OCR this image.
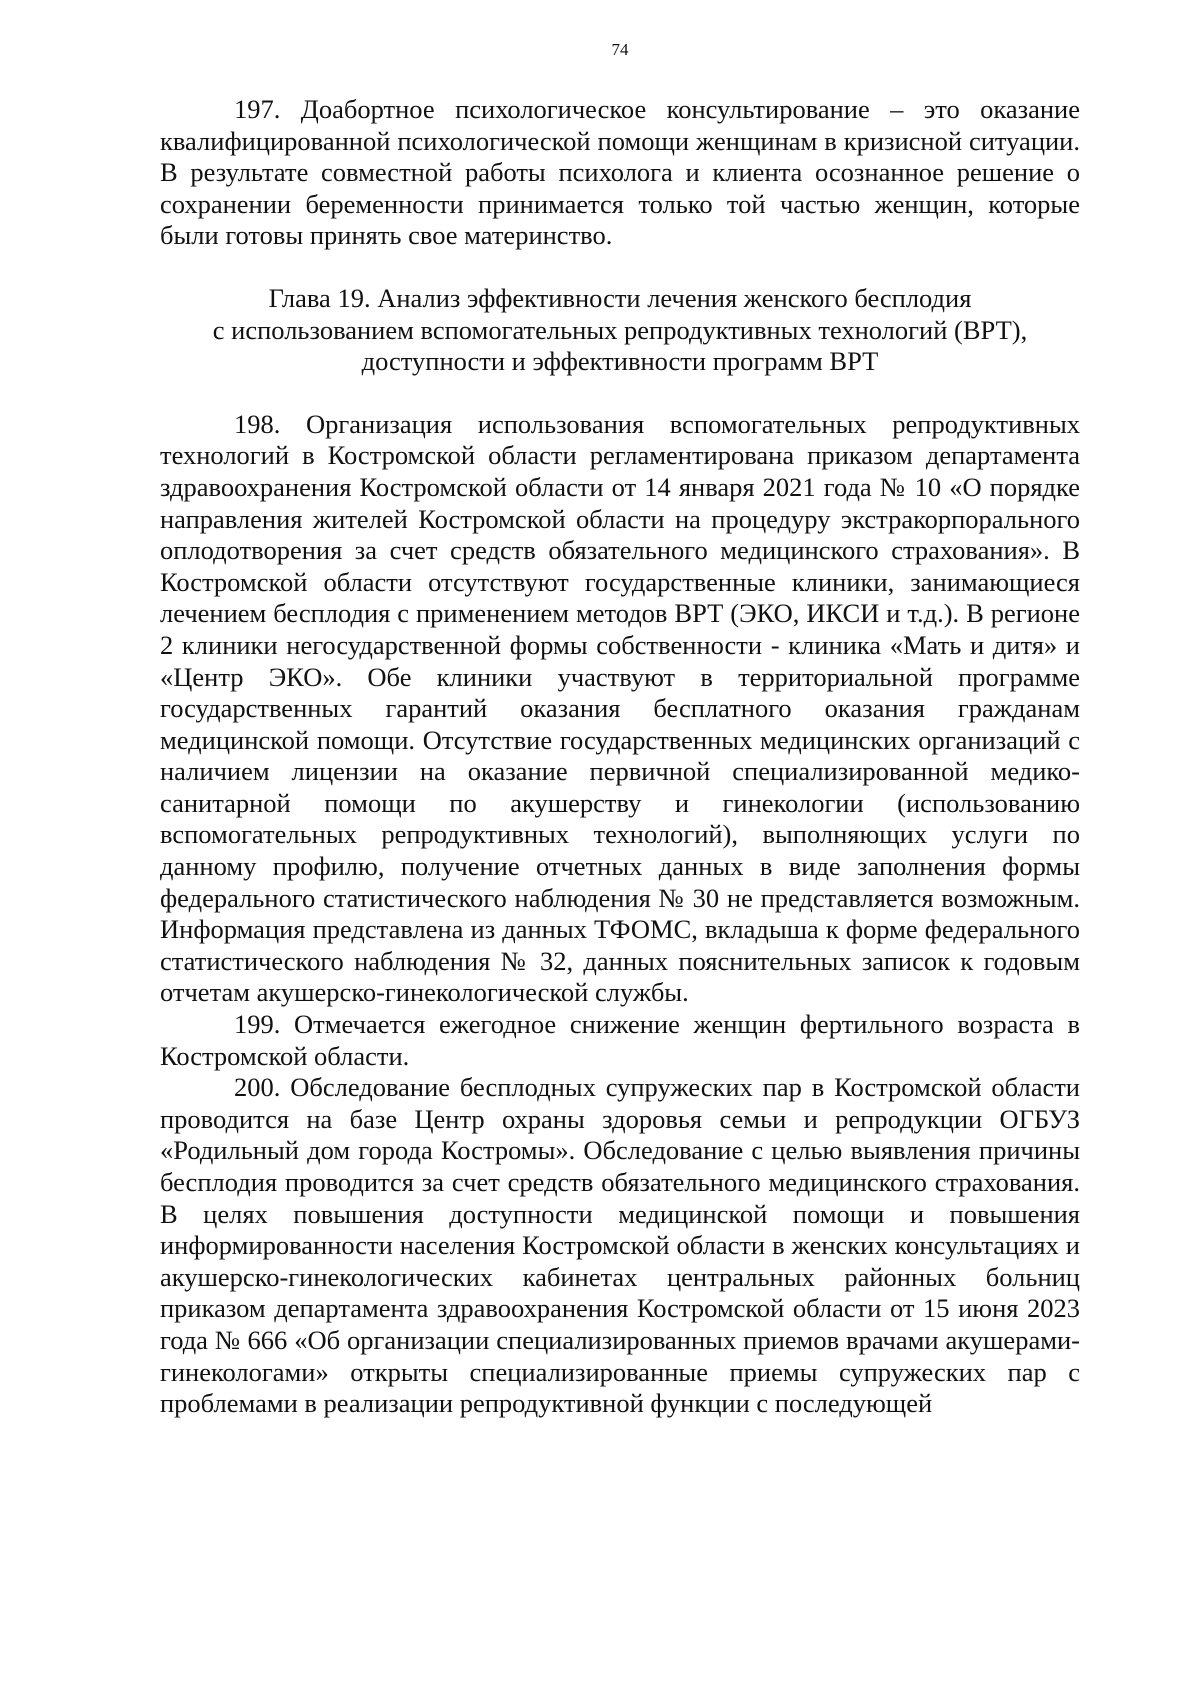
74

197. Доабортное психологическое консультирование – это оказание квалифицированной психологической помощи женщинам в кризисной ситуации. В результате совместной работы психолога и клиента осознанное решение о сохранении беременности принимается только той частью женщин, которые были готовы принять свое материнство.

Глава 19. Анализ эффективности лечения женского бесплодия
с использованием вспомогательных репродуктивных технологий (ВРТ),
доступности и эффективности программ ВРТ

198. Организация использования вспомогательных репродуктивных технологий в Костромской области регламентирована приказом департамента здравоохранения Костромской области от 14 января 2021 года № 10 «О порядке направления жителей Костромской области на процедуру экстракорпорального оплодотворения за счет средств обязательного медицинского страхования». В Костромской области отсутствуют государственные клиники, занимающиеся лечением бесплодия с применением методов ВРТ (ЭКО, ИКСИ и т.д.). В регионе 2 клиники негосударственной формы собственности - клиника «Мать и дитя» и «Центр ЭКО». Обе клиники участвуют в территориальной программе государственных гарантий оказания бесплатного оказания гражданам медицинской помощи. Отсутствие государственных медицинских организаций с наличием лицензии на оказание первичной специализированной медико-санитарной помощи по акушерству и гинекологии (использованию вспомогательных репродуктивных технологий), выполняющих услуги по данному профилю, получение отчетных данных в виде заполнения формы федерального статистического наблюдения № 30 не представляется возможным. Информация представлена из данных ТФОМС, вкладыша к форме федерального статистического наблюдения № 32, данных пояснительных записок к годовым отчетам акушерско-гинекологической службы.

199. Отмечается ежегодное снижение женщин фертильного возраста в Костромской области.

200. Обследование бесплодных супружеских пар в Костромской области проводится на базе Центр охраны здоровья семьи и репродукции ОГБУЗ «Родильный дом города Костромы». Обследование с целью выявления причины бесплодия проводится за счет средств обязательного медицинского страхования. В целях повышения доступности медицинской помощи и повышения информированности населения Костромской области в женских консультациях и акушерско-гинекологических кабинетах центральных районных больниц приказом департамента здравоохранения Костромской области от 15 июня 2023 года № 666 «Об организации специализированных приемов врачами акушерами-гинекологами» открыты специализированные приемы супружеских пар с проблемами в реализации репродуктивной функции с последующей
